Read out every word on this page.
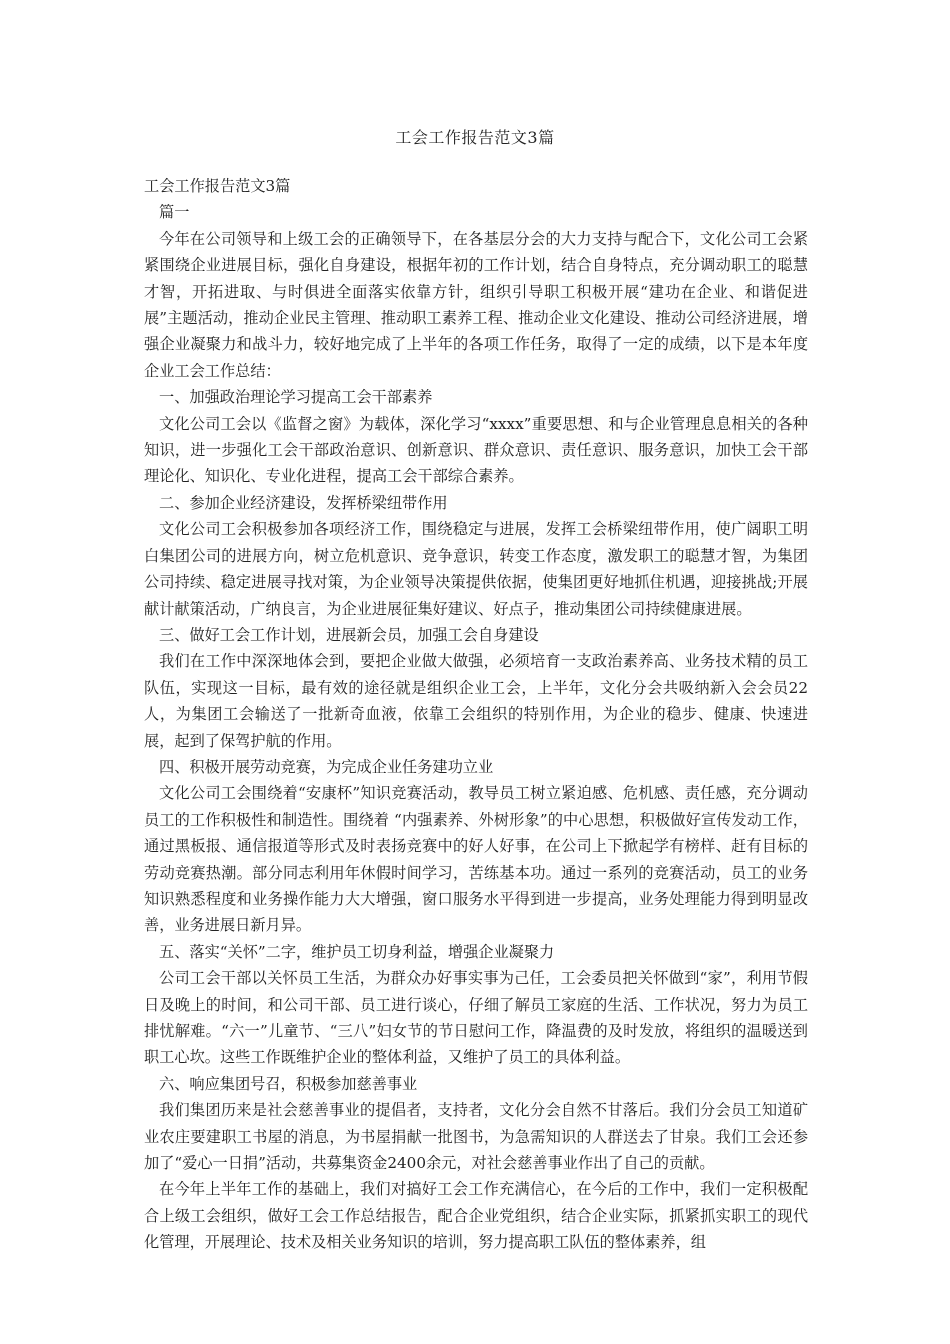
工会工作报告范文3篇

工会工作报告范文3篇

篇一

今年在公司领导和上级工会的正确领导下，在各基层分会的大力支持与配合下，文化公司工会紧紧围绕企业进展目标，强化自身建设，根据年初的工作计划，结合自身特点，充分调动职工的聪慧才智，开拓进取、与时俱进全面落实依靠方针，组织引导职工积极开展“建功在企业、和谐促进展”主题活动，推动企业民主管理、推动职工素养工程、推动企业文化建设、推动公司经济进展，增强企业凝聚力和战斗力，较好地完成了上半年的各项工作任务，取得了一定的成绩，以下是本年度企业工会工作总结：

一、加强政治理论学习提高工会干部素养

文化公司工会以《监督之窗》为载体，深化学习“xxxx”重要思想、和与企业管理息息相关的各种知识，进一步强化工会干部政治意识、创新意识、群众意识、责任意识、服务意识，加快工会干部理论化、知识化、专业化进程，提高工会干部综合素养。

二、参加企业经济建设，发挥桥梁纽带作用

文化公司工会积极参加各项经济工作，围绕稳定与进展，发挥工会桥梁纽带作用，使广阔职工明白集团公司的进展方向，树立危机意识、竞争意识，转变工作态度，激发职工的聪慧才智，为集团公司持续、稳定进展寻找对策，为企业领导决策提供依据，使集团更好地抓住机遇，迎接挑战;开展献计献策活动，广纳良言，为企业进展征集好建议、好点子，推动集团公司持续健康进展。

三、做好工会工作计划，进展新会员，加强工会自身建设

我们在工作中深深地体会到，要把企业做大做强，必须培育一支政治素养高、业务技术精的员工队伍，实现这一目标，最有效的途径就是组织企业工会，上半年，文化分会共吸纳新入会会员22人，为集团工会输送了一批新奇血液，依靠工会组织的特别作用，为企业的稳步、健康、快速进展，起到了保驾护航的作用。

四、积极开展劳动竞赛，为完成企业任务建功立业

文化公司工会围绕着“安康杯”知识竞赛活动，教导员工树立紧迫感、危机感、责任感，充分调动员工的工作积极性和制造性。围绕着 “内强素养、外树形象”的中心思想，积极做好宣传发动工作，通过黑板报、通信报道等形式及时表扬竞赛中的好人好事，在公司上下掀起学有榜样、赶有目标的劳动竞赛热潮。部分同志利用年休假时间学习，苦练基本功。通过一系列的竞赛活动，员工的业务知识熟悉程度和业务操作能力大大增强，窗口服务水平得到进一步提高，业务处理能力得到明显改善，业务进展日新月异。

五、落实“关怀”二字，维护员工切身利益，增强企业凝聚力

公司工会干部以关怀员工生活，为群众办好事实事为己任，工会委员把关怀做到“家”，利用节假日及晚上的时间，和公司干部、员工进行谈心，仔细了解员工家庭的生活、工作状况，努力为员工排忧解难。“六一”儿童节、“三八”妇女节的节日慰问工作，降温费的及时发放，将组织的温暖送到职工心坎。这些工作既维护企业的整体利益，又维护了员工的具体利益。

六、响应集团号召，积极参加慈善事业

我们集团历来是社会慈善事业的提倡者，支持者，文化分会自然不甘落后。我们分会员工知道矿业农庄要建职工书屋的消息，为书屋捐献一批图书，为急需知识的人群送去了甘泉。我们工会还参加了“爱心一日捐”活动，共募集资金2400余元，对社会慈善事业作出了自己的贡献。

在今年上半年工作的基础上，我们对搞好工会工作充满信心，在今后的工作中，我们一定积极配合上级工会组织，做好工会工作总结报告，配合企业党组织，结合企业实际，抓紧抓实职工的现代化管理，开展理论、技术及相关业务知识的培训，努力提高职工队伍的整体素养，组
